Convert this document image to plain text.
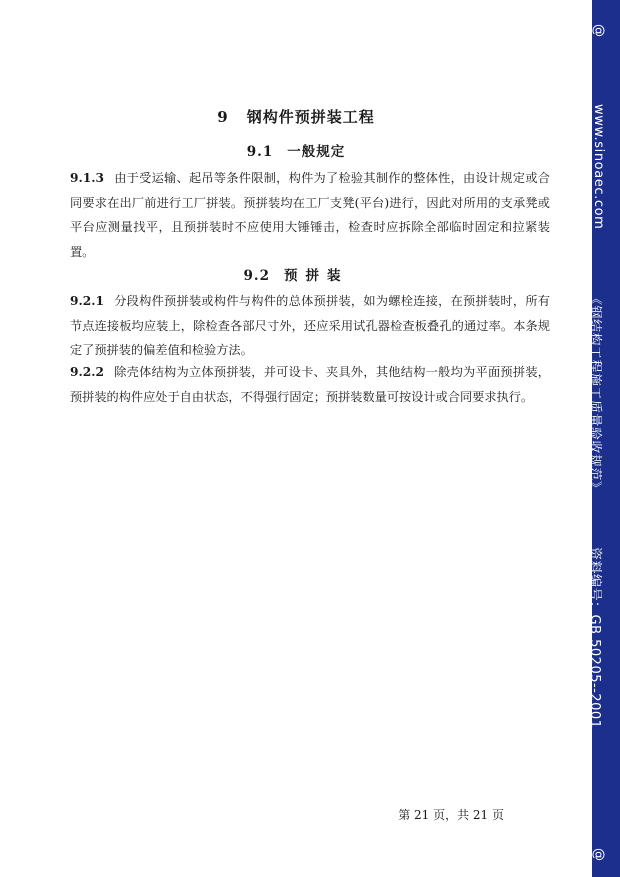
9 钢构件预拼装工程
9.1 一般规定
9.1.3 由于受运输、起吊等条件限制，构件为了检验其制作的整体性，由设计规定或合同要求在出厂前进行工厂拼装。预拼装均在工厂支凳(平台)进行，因此对所用的支承凳或平台应测量找平，且预拼装时不应使用大锤锤击，检查时应拆除全部临时固定和拉紧装置。
9.2 预拼装
9.2.1 分段构件预拼装或构件与构件的总体预拼装，如为螺栓连接，在预拼装时，所有节点连接板均应装上，除检查各部尺寸外，还应采用试孔器检查板叠孔的通过率。本条规定了预拼装的偏差值和检验方法。
9.2.2 除壳体结构为立体预拼装，并可设卡、夹具外，其他结构一般均为平面预拼装，预拼装的构件应处于自由状态，不得强行固定；预拼装数量可按设计或合同要求执行。
第 21 页，共 21 页
@
www.sinoaec.com
《钢结构工程施工质量验收规范》
资料编号：GB 50205--2001
@
